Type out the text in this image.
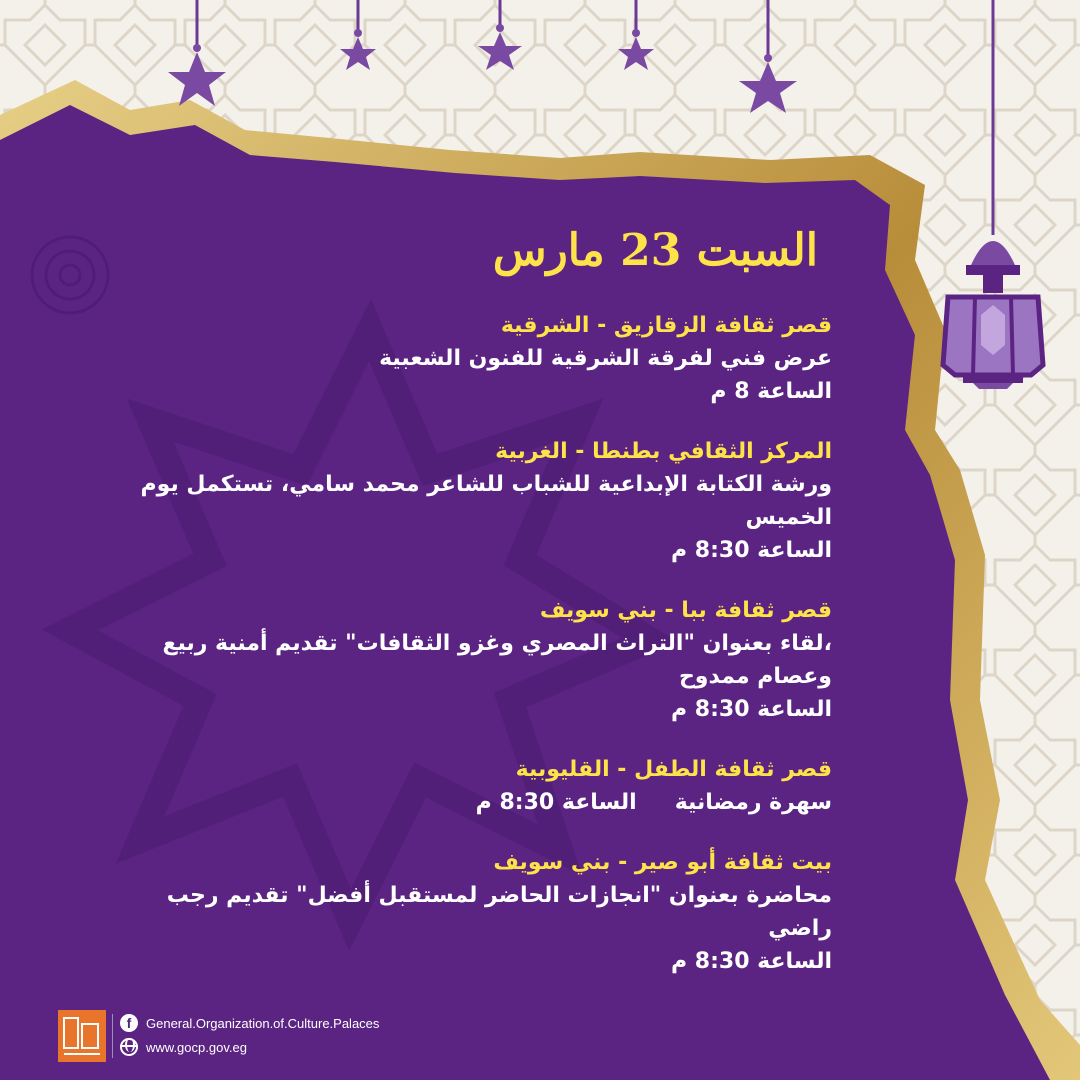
السبت 23 مارس
قصر ثقافة الزقازيق - الشرقية
عرض فني لفرقة الشرقية للفنون الشعبية
الساعة 8 م
المركز الثقافي بطنطا - الغربية
ورشة الكتابة الإبداعية للشباب للشاعر محمد سامي، تستكمل يوم الخميس
الساعة 8:30 م
قصر ثقافة ببا - بني سويف
،لقاء بعنوان "التراث المصري وغزو الثقافات" تقديم أمنية ربيع
وعصام ممدوح
الساعة 8:30 م
قصر ثقافة الطفل - القليوبية
سهرة رمضانيةالساعة 8:30 م
بيت ثقافة أبو صير - بني سويف
محاضرة بعنوان "انجازات الحاضر لمستقبل أفضل" تقديم رجب راضي
الساعة 8:30 م
f
General.Organization.of.Culture.Palaces
www.gocp.gov.eg
